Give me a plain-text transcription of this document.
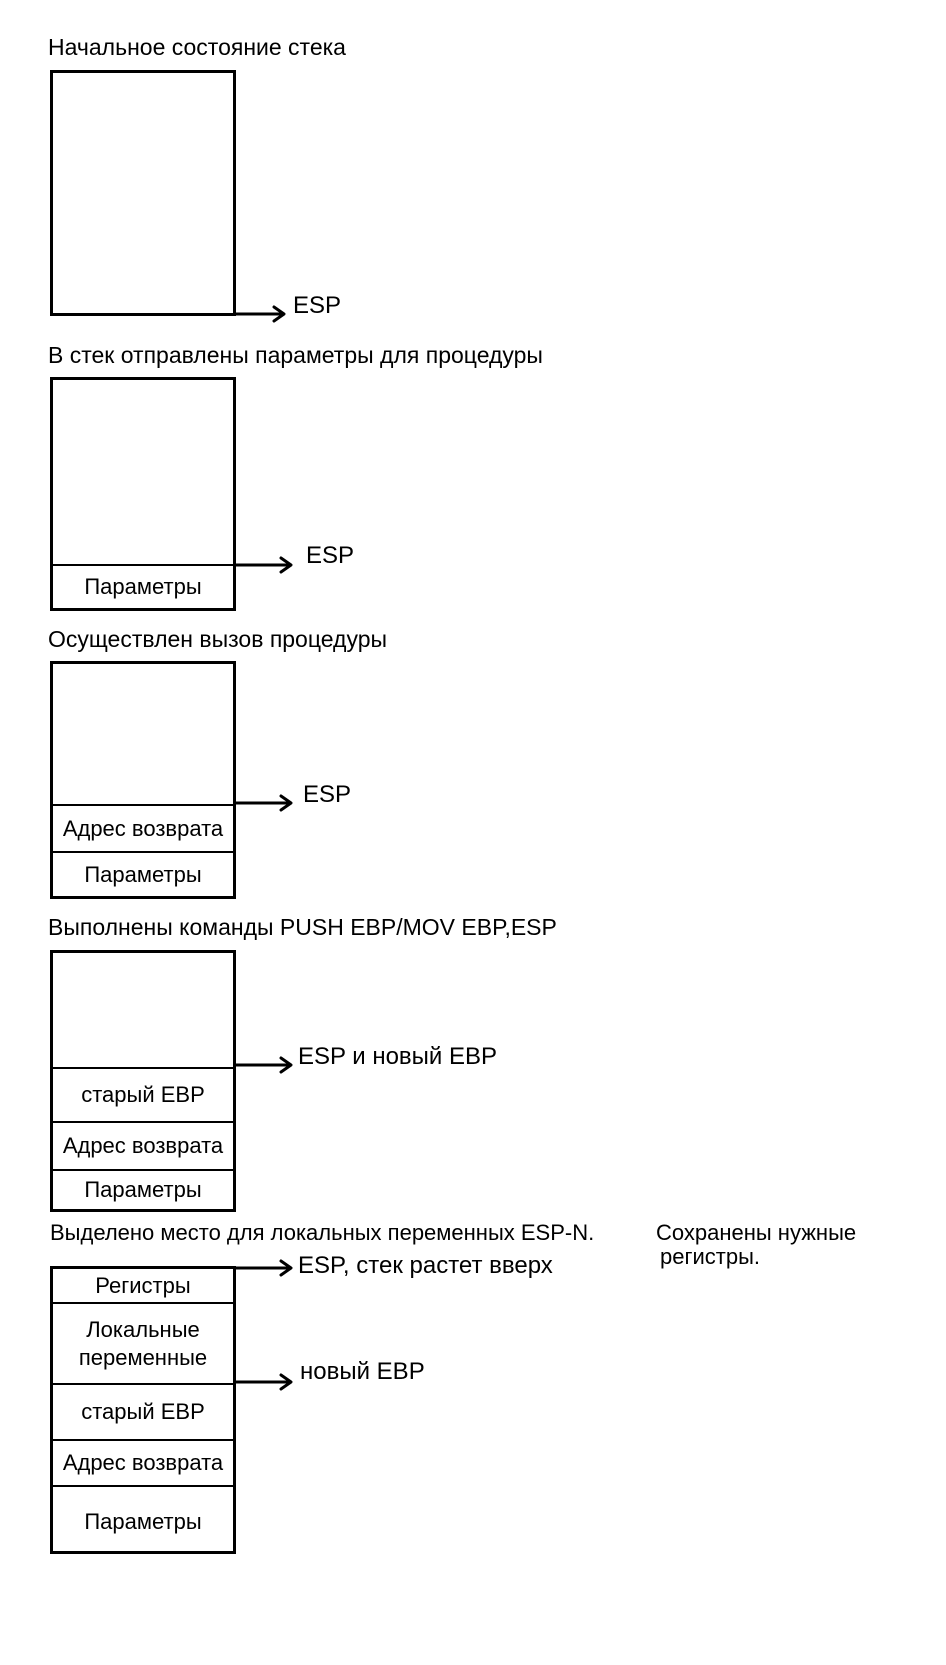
Начальное состояние стека
ESP
В стек отправлены параметры для процедуры
Параметры
ESP
Осуществлен вызов процедуры
Адрес возврата
Параметры
ESP
Выполнены команды PUSH EBP/MOV EBP,ESP
старый EBP
Адрес возврата
Параметры
ESP и новый EBP
Выделено место для локальных переменных ESP-N.	Сохранены нужные
регистры.
Регистры
Локальные переменные
старый EBP
Адрес возврата
Параметры
ESP, стек растет вверх
новый EBP
